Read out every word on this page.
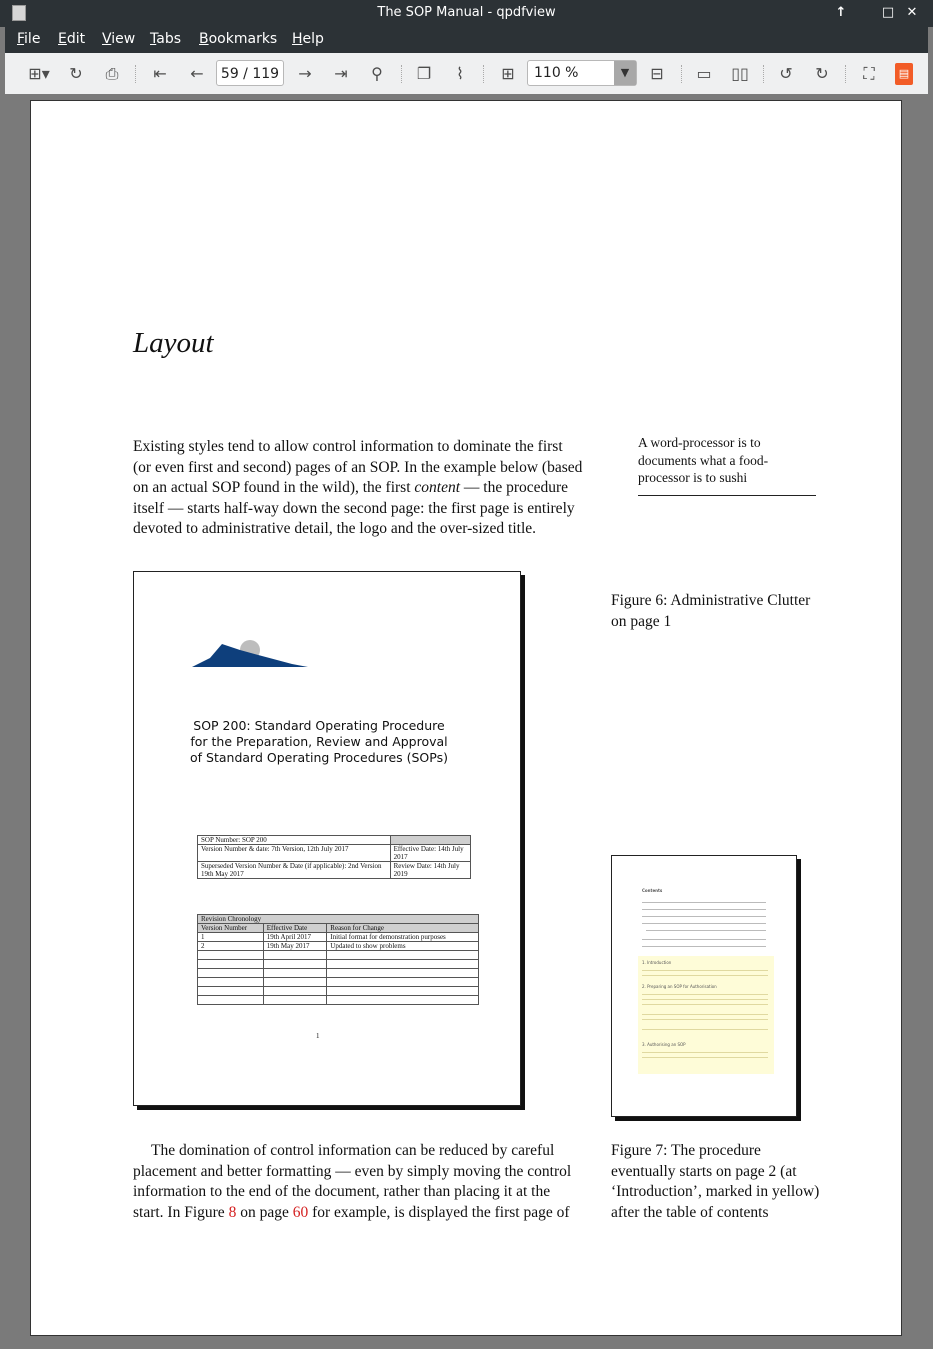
The SOP Manual - qpdfview	↑	□ ✕
File Edit View Tabs Bookmarks Help
⊞▾	↻ ⎙ ⇤ ←	59 / 119	→ ⇥	⚲	❐	⌇	⊞	110 %	▼	⊟ ▭ ▯▯ ↺ ↻	⛶	▤
Layout
Existing styles tend to allow control information to dominate the first (or even first and second) pages of an SOP. In the example below (based on an actual SOP found in the wild), the first content — the procedure itself — starts half-way down the second page: the first page is entirely devoted to administrative detail, the logo and the over-sized title.
A word-processor is to documents what a food-processor is to sushi
SOP 200: Standard Operating Procedure for the Preparation, Review and Approval of Standard Operating Procedures (SOPs)
SOP Number: SOP 200	
Version Number & date: 7th Version, 12th July 2017	Effective Date: 14th July 2017
Superseded Version Number & Date (if applicable): 2nd Version 19th May 2017	Review Date: 14th July 2019
Revision Chronology		
Version Number	Effective Date	Reason for Change
1	19th April 2017	Initial format for demonstration purposes
2	19th May 2017	Updated to show problems

1
Figure 6: Administrative Clutter on page 1
Contents
1. Introduction
2. Preparing an SOP for Authorisation
3. Authorising an SOP
Figure 7: The procedure eventually starts on page 2 (at ‘Introduction’, marked in yellow) after the table of contents
The domination of control information can be reduced by careful placement and better formatting — even by simply moving the control information to the end of the document, rather than placing it at the start. In Figure 8 on page 60 for example, is displayed the first page of
